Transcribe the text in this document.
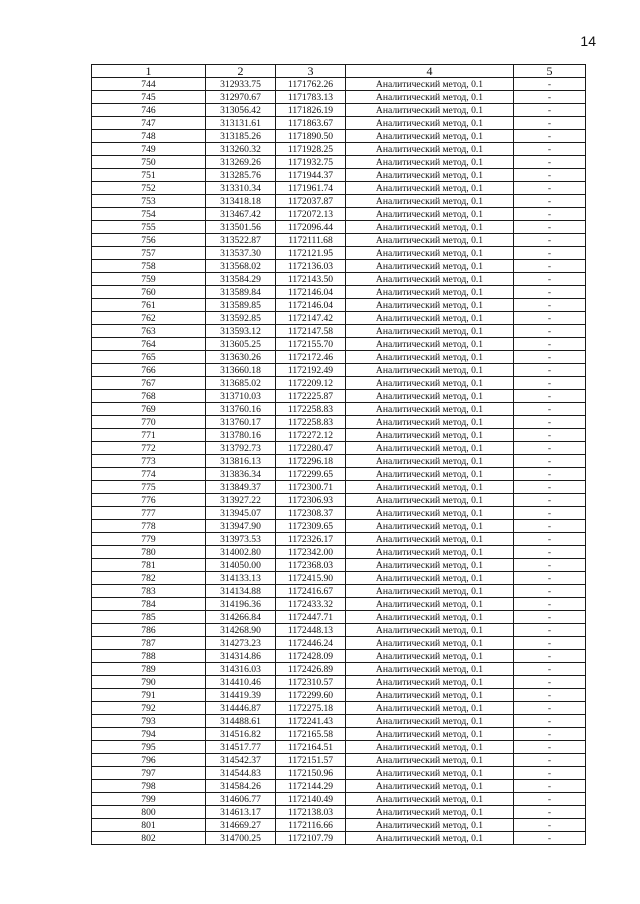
14
1	2	3	4	5
744	312933.75	1171762.26	Аналитический метод, 0.1	-
745	312970.67	1171783.13	Аналитический метод, 0.1	-
746	313056.42	1171826.19	Аналитический метод, 0.1	-
747	313131.61	1171863.67	Аналитический метод, 0.1	-
748	313185.26	1171890.50	Аналитический метод, 0.1	-
749	313260.32	1171928.25	Аналитический метод, 0.1	-
750	313269.26	1171932.75	Аналитический метод, 0.1	-
751	313285.76	1171944.37	Аналитический метод, 0.1	-
752	313310.34	1171961.74	Аналитический метод, 0.1	-
753	313418.18	1172037.87	Аналитический метод, 0.1	-
754	313467.42	1172072.13	Аналитический метод, 0.1	-
755	313501.56	1172096.44	Аналитический метод, 0.1	-
756	313522.87	1172111.68	Аналитический метод, 0.1	-
757	313537.30	1172121.95	Аналитический метод, 0.1	-
758	313568.02	1172136.03	Аналитический метод, 0.1	-
759	313584.29	1172143.50	Аналитический метод, 0.1	-
760	313589.84	1172146.04	Аналитический метод, 0.1	-
761	313589.85	1172146.04	Аналитический метод, 0.1	-
762	313592.85	1172147.42	Аналитический метод, 0.1	-
763	313593.12	1172147.58	Аналитический метод, 0.1	-
764	313605.25	1172155.70	Аналитический метод, 0.1	-
765	313630.26	1172172.46	Аналитический метод, 0.1	-
766	313660.18	1172192.49	Аналитический метод, 0.1	-
767	313685.02	1172209.12	Аналитический метод, 0.1	-
768	313710.03	1172225.87	Аналитический метод, 0.1	-
769	313760.16	1172258.83	Аналитический метод, 0.1	-
770	313760.17	1172258.83	Аналитический метод, 0.1	-
771	313780.16	1172272.12	Аналитический метод, 0.1	-
772	313792.73	1172280.47	Аналитический метод, 0.1	-
773	313816.13	1172296.18	Аналитический метод, 0.1	-
774	313836.34	1172299.65	Аналитический метод, 0.1	-
775	313849.37	1172300.71	Аналитический метод, 0.1	-
776	313927.22	1172306.93	Аналитический метод, 0.1	-
777	313945.07	1172308.37	Аналитический метод, 0.1	-
778	313947.90	1172309.65	Аналитический метод, 0.1	-
779	313973.53	1172326.17	Аналитический метод, 0.1	-
780	314002.80	1172342.00	Аналитический метод, 0.1	-
781	314050.00	1172368.03	Аналитический метод, 0.1	-
782	314133.13	1172415.90	Аналитический метод, 0.1	-
783	314134.88	1172416.67	Аналитический метод, 0.1	-
784	314196.36	1172433.32	Аналитический метод, 0.1	-
785	314266.84	1172447.71	Аналитический метод, 0.1	-
786	314268.90	1172448.13	Аналитический метод, 0.1	-
787	314273.23	1172446.24	Аналитический метод, 0.1	-
788	314314.86	1172428.09	Аналитический метод, 0.1	-
789	314316.03	1172426.89	Аналитический метод, 0.1	-
790	314410.46	1172310.57	Аналитический метод, 0.1	-
791	314419.39	1172299.60	Аналитический метод, 0.1	-
792	314446.87	1172275.18	Аналитический метод, 0.1	-
793	314488.61	1172241.43	Аналитический метод, 0.1	-
794	314516.82	1172165.58	Аналитический метод, 0.1	-
795	314517.77	1172164.51	Аналитический метод, 0.1	-
796	314542.37	1172151.57	Аналитический метод, 0.1	-
797	314544.83	1172150.96	Аналитический метод, 0.1	-
798	314584.26	1172144.29	Аналитический метод, 0.1	-
799	314606.77	1172140.49	Аналитический метод, 0.1	-
800	314613.17	1172138.03	Аналитический метод, 0.1	-
801	314669.27	1172116.66	Аналитический метод, 0.1	-
802	314700.25	1172107.79	Аналитический метод, 0.1	-
